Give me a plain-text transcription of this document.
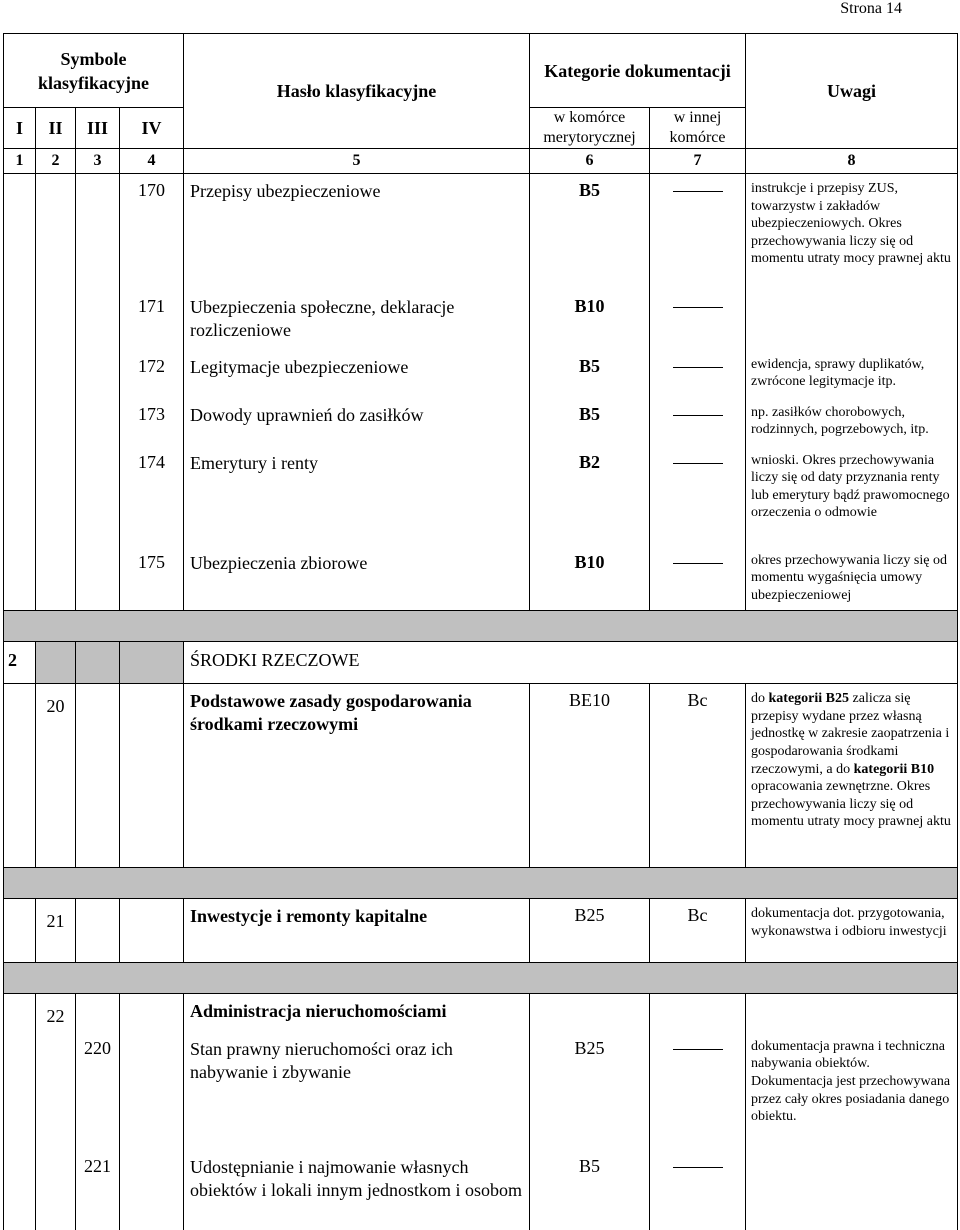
Strona 14
Symbole klasyfikacyjne				Hasło klasyfikacyjne	Kategorie dokumentacji		Uwagi
I	II	III	IV		w komórce merytorycznej	w innej komórce	
1	2	3	4	5	6	7	8
			170	Przepisy ubezpieczeniowe	B5		instrukcje i przepisy ZUS, towarzystw i zakładów ubezpieczeniowych. Okres przechowywania liczy się od momentu utraty mocy prawnej aktu
			171	Ubezpieczenia społeczne, deklaracje rozliczeniowe	B10		
			172	Legitymacje ubezpieczeniowe	B5		ewidencja, sprawy duplikatów, zwrócone legitymacje itp.
			173	Dowody uprawnień do zasiłków	B5		np. zasiłków chorobowych, rodzinnych, pogrzebowych, itp.
			174	Emerytury i renty	B2		wnioski. Okres przechowywania liczy się od daty przyznania renty lub emerytury bądź prawomocnego orzeczenia o odmowie
			175	Ubezpieczenia zbiorowe	B10		okres przechowywania liczy się od momentu wygaśnięcia umowy ubezpieczeniowej

2				ŚRODKI RZECZOWE			
	20			Podstawowe zasady gospodarowania środkami rzeczowymi	BE10	Bc	do kategorii B25 zalicza się przepisy wydane przez własną jednostkę w zakresie zaopatrzenia i gospodarowania środkami rzeczowymi, a do kategorii B10 opracowania zewnętrzne. Okres przechowywania liczy się od momentu utraty mocy prawnej aktu

	21			Inwestycje i remonty kapitalne	B25	Bc	dokumentacja dot. przygotowania, wykonawstwa i odbioru inwestycji

	22			Administracja nieruchomościami			
		220		Stan prawny nieruchomości oraz ich nabywanie i zbywanie	B25		dokumentacja prawna i techniczna nabywania obiektów. Dokumentacja jest przechowywana przez cały okres posiadania danego obiektu.
		221		Udostępnianie i najmowanie własnych obiektów i lokali innym jednostkom i osobom	B5		
